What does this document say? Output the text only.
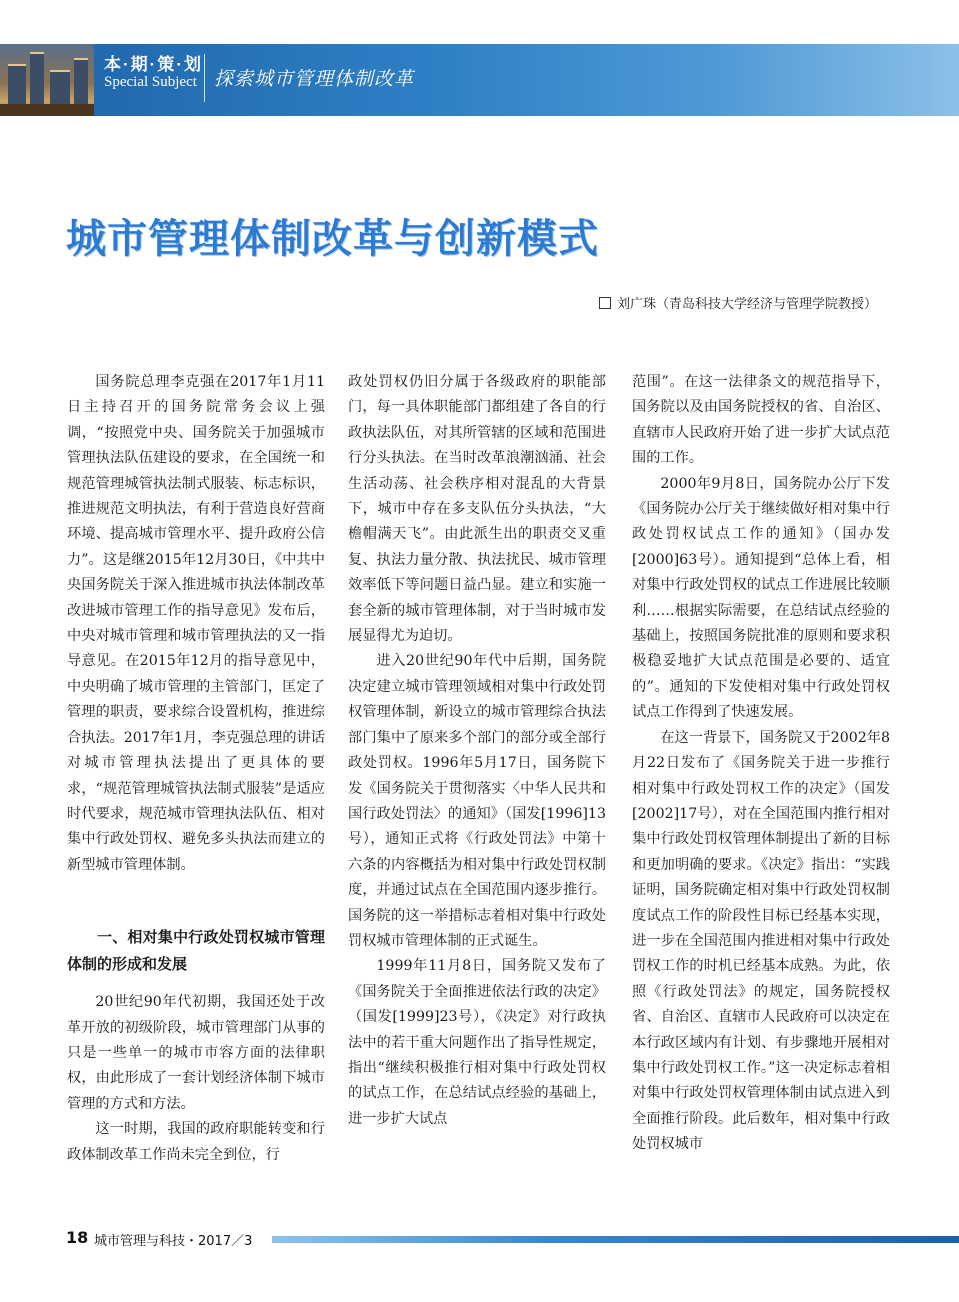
本·期·策·划
Special Subject 探索城市管理体制改革
城市管理体制改革与创新模式
刘广珠（青岛科技大学经济与管理学院教授）

国务院总理李克强在2017年1月11日主持召开的国务院常务会议上强调，“按照党中央、国务院关于加强城市管理执法队伍建设的要求，在全国统一和规范管理城管执法制式服装、标志标识，推进规范文明执法，有利于营造良好营商环境、提高城市管理水平、提升政府公信力”。这是继2015年12月30日，《中共中央国务院关于深入推进城市执法体制改革 改进城市管理工作的指导意见》发布后，中央对城市管理和城市管理执法的又一指导意见。在2015年12月的指导意见中，中央明确了城市管理的主管部门，匡定了管理的职责，要求综合设置机构，推进综合执法。2017年1月，李克强总理的讲话对城市管理执法提出了更具体的要求，“规范管理城管执法制式服装”是适应时代要求，规范城市管理执法队伍、相对集中行政处罚权、避免多头执法而建立的新型城市管理体制。

一、相对集中行政处罚权城市管理体制的形成和发展

20世纪90年代初期，我国还处于改革开放的初级阶段，城市管理部门从事的只是一些单一的城市市容方面的法律职权，由此形成了一套计划经济体制下城市管理的方式和方法。

这一时期，我国的政府职能转变和行政体制改革工作尚未完全到位，行

政处罚权仍旧分属于各级政府的职能部门，每一具体职能部门都组建了各自的行政执法队伍，对其所管辖的区域和范围进行分头执法。在当时改革浪潮汹涌、社会生活动荡、社会秩序相对混乱的大背景下，城市中存在多支队伍分头执法，“大檐帽满天飞”。由此派生出的职责交叉重复、执法力量分散、执法扰民、城市管理效率低下等问题日益凸显。建立和实施一套全新的城市管理体制，对于当时城市发展显得尤为迫切。

进入20世纪90年代中后期，国务院决定建立城市管理领域相对集中行政处罚权管理体制，新设立的城市管理综合执法部门集中了原来多个部门的部分或全部行政处罚权。1996年5月17日，国务院下发《国务院关于贯彻落实〈中华人民共和国行政处罚法〉的通知》（国发[1996]13号），通知正式将《行政处罚法》中第十六条的内容概括为相对集中行政处罚权制度，并通过试点在全国范围内逐步推行。国务院的这一举措标志着相对集中行政处罚权城市管理体制的正式诞生。

1999年11月8日，国务院又发布了《国务院关于全面推进依法行政的决定》（国发[1999]23号），《决定》对行政执法中的若干重大问题作出了指导性规定，指出“继续积极推行相对集中行政处罚权的试点工作，在总结试点经验的基础上，进一步扩大试点

范围”。在这一法律条文的规范指导下，国务院以及由国务院授权的省、自治区、直辖市人民政府开始了进一步扩大试点范围的工作。

2000年9月8日，国务院办公厅下发《国务院办公厅关于继续做好相对集中行政处罚权试点工作的通知》（国办发[2000]63号）。通知提到“总体上看，相对集中行政处罚权的试点工作进展比较顺利……根据实际需要，在总结试点经验的基础上，按照国务院批准的原则和要求积极稳妥地扩大试点范围是必要的、适宜的”。通知的下发使相对集中行政处罚权试点工作得到了快速发展。

在这一背景下，国务院又于2002年8月22日发布了《国务院关于进一步推行相对集中行政处罚权工作的决定》（国发[2002]17号），对在全国范围内推行相对集中行政处罚权管理体制提出了新的目标和更加明确的要求。《决定》指出：“实践证明，国务院确定相对集中行政处罚权制度试点工作的阶段性目标已经基本实现，进一步在全国范围内推进相对集中行政处罚权工作的时机已经基本成熟。为此，依照《行政处罚法》的规定，国务院授权省、自治区、直辖市人民政府可以决定在本行政区域内有计划、有步骤地开展相对集中行政处罚权工作。”这一决定标志着相对集中行政处罚权管理体制由试点进入到全面推行阶段。此后数年，相对集中行政处罚权城市

18 城市管理与科技・2017／3
